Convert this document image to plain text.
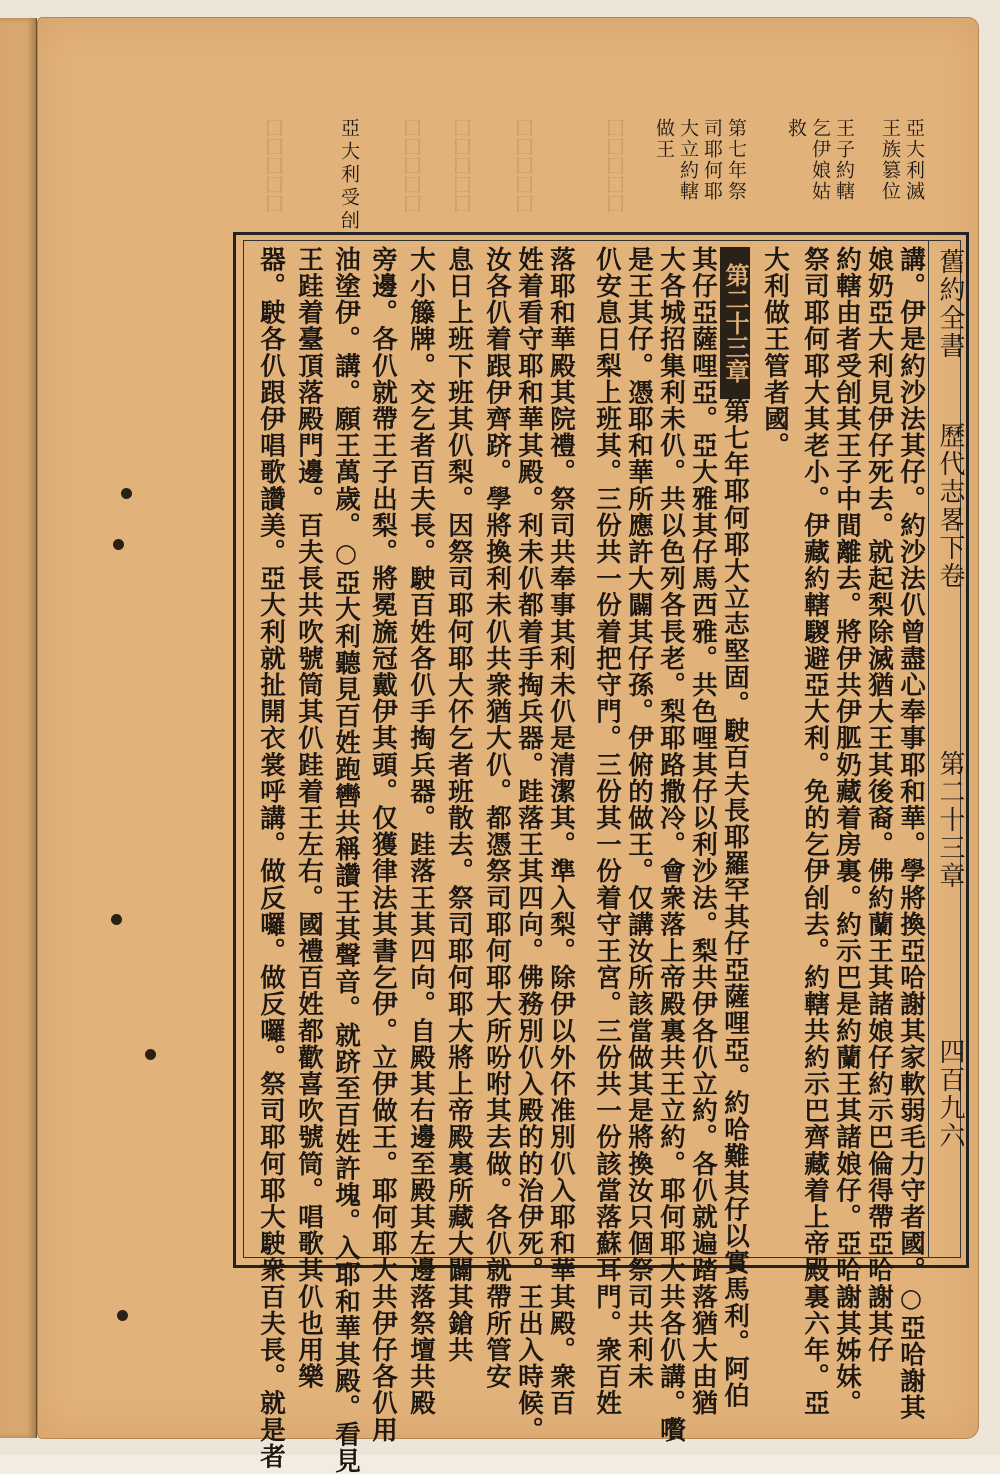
囗囗囗囗囗	囗囗囗囗囗 囗囗囗囗囗 囗囗囗囗囗	囗囗囗囗囗
亞大利受刣	第七年祭司耶何耶大立約轄做王	王子約轄乞伊娘姑救	亞大利滅王族篡位
舊約全書
歷代志畧下卷
第二十三章
四百九六
講。伊是約沙法其仔。約沙法仈曾盡心奉事耶和華。學將換亞哈謝其家軟弱毛力守者國。○亞哈謝其
娘奶亞大利見伊仔死去。就起梨除滅猶大王其後裔。佛約蘭王其諸娘仔約示巴倫得帶亞哈謝其仔
約轄由者受刣其王子中間離去。將伊共伊䏘奶藏着房裏。約示巴是約蘭王其諸娘仔。亞哈謝其姊妹。
祭司耶何耶大其老小。伊藏約轄騣避亞大利。免的乞伊刣去。約轄共約示巴齊藏着上帝殿裏六年。亞
大利做王管者國。
第二十三章
第七年耶何耶大立志堅固。駛百夫長耶羅罕其仔亞薩哩亞。約哈難其仔以實馬利。阿伯
其仔亞薩哩亞。亞大雅其仔馬西雅。共色哩其仔以利沙法。梨共伊各仈立約。各仈就遍踏落猶大由猶
大各城招集利未仈。共以色列各長老。梨耶路撒冷。會衆落上帝殿裏共王立約。耶何耶大共各仈講。嚽
是王其仔。憑耶和華所應許大闢其仔孫。伊俯的做王。仅講汝所該當做其是將換汝只個祭司共利未
仈安息日梨上班其。三份共一份着把守門。三份其一份着守王宮。三份共一份該當落蘇耳門。衆百姓
落耶和華殿其院禮。祭司共奉事其利未仈是清潔其。準入梨。除伊以外伓准別仈入耶和華其殿。衆百
姓着看守耶和華其殿。利未仈都着手掏兵器。跬落王其四向。佛務別仈入殿的的治伊死。王出入時候。
汝各仈着跟伊齊跻。學將換利未仈共衆猶大仈。都憑祭司耶何耶大所吩咐其去做。各仈就帶所管安
息日上班下班其仈梨。因祭司耶何耶大伓乞者班散去。祭司耶何耶大將上帝殿裏所藏大闢其鎗共
大小籐牌。交乞者百夫長。駛百姓各仈手掏兵器。跬落王其四向。自殿其右邊至殿其左邊落祭壇共殿
旁邊。各仈就帶王子出梨。將冕旒冠戴伊其頭。仅獲律法其書乞伊。立伊做王。耶何耶大共伊仔各仈用
油塗伊。講。願王萬歲。○亞大利聽見百姓跑轡共稱讚王其聲音。就跻至百姓許塊。入耶和華其殿。看見
王跬着臺頂落殿門邊。百夫長共吹號筒其仈跬着王左右。國禮百姓都歡喜吹號筒。唱歌其仈也用樂
器。駛各仈跟伊唱歌讚美。亞大利就扯開衣裳呼講。做反囉。做反囉。祭司耶何耶大駛衆百夫長。就是者
